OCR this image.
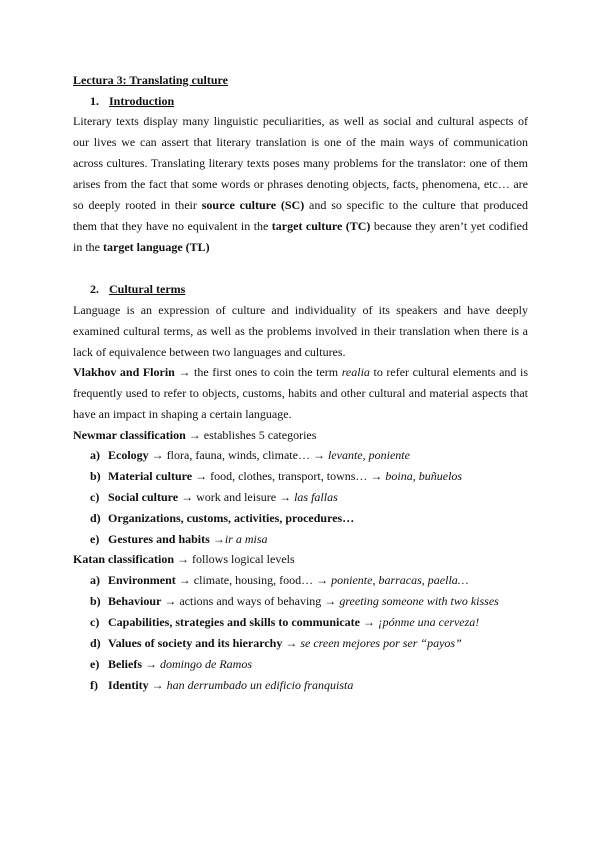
Lectura 3: Translating culture
1. Introduction
Literary texts display many linguistic peculiarities, as well as social and cultural aspects of
our lives we can assert that literary translation is one of the main ways of communication
across cultures. Translating literary texts poses many problems for the translator: one of them
arises from the fact that some words or phrases denoting objects, facts, phenomena, etc… are
so deeply rooted in their source culture (SC) and so specific to the culture that produced
them that they have no equivalent in the target culture (TC) because they aren’t yet codified
in the target language (TL)
2. Cultural terms
Language is an expression of culture and individuality of its speakers and have deeply
examined cultural terms, as well as the problems involved in their translation when there is a
lack of equivalence between two languages and cultures.
Vlakhov and Florin → the first ones to coin the term realia to refer cultural elements and is
frequently used to refer to objects, customs, habits and other cultural and material aspects that
have an impact in shaping a certain language.
Newmar classification → establishes 5 categories
a) Ecology → flora, fauna, winds, climate… → levante, poniente
b) Material culture → food, clothes, transport, towns… → boina, buñuelos
c) Social culture → work and leisure → las fallas
d) Organizations, customs, activities, procedures…
e) Gestures and habits →ir a misa
Katan classification → follows logical levels
a) Environment → climate, housing, food… → poniente, barracas, paella…
b) Behaviour → actions and ways of behaving → greeting someone with two kisses
c) Capabilities, strategies and skills to communicate → ¡pónme una cerveza!
d) Values of society and its hierarchy → se creen mejores por ser “payos”
e) Beliefs → domingo de Ramos
f) Identity → han derrumbado un edificio franquista
